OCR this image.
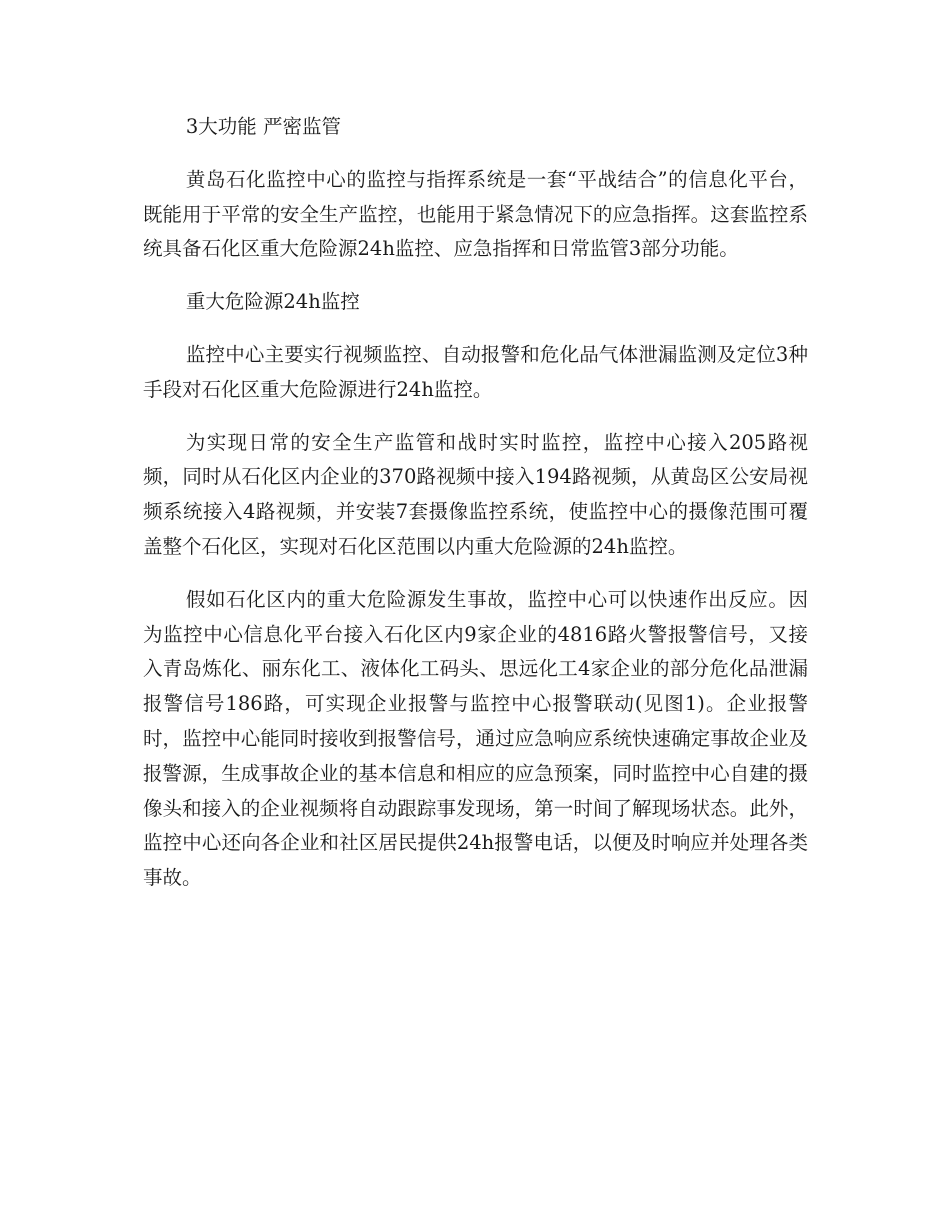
3大功能 严密监管

黄岛石化监控中心的监控与指挥系统是一套“平战结合”的信息化平台，既能用于平常的安全生产监控，也能用于紧急情况下的应急指挥。这套监控系统具备石化区重大危险源24h监控、应急指挥和日常监管3部分功能。

重大危险源24h监控

监控中心主要实行视频监控、自动报警和危化品气体泄漏监测及定位3种手段对石化区重大危险源进行24h监控。

为实现日常的安全生产监管和战时实时监控，监控中心接入205路视频，同时从石化区内企业的370路视频中接入194路视频，从黄岛区公安局视频系统接入4路视频，并安装7套摄像监控系统，使监控中心的摄像范围可覆盖整个石化区，实现对石化区范围以内重大危险源的24h监控。

假如石化区内的重大危险源发生事故，监控中心可以快速作出反应。因为监控中心信息化平台接入石化区内9家企业的4816路火警报警信号，又接入青岛炼化、丽东化工、液体化工码头、思远化工4家企业的部分危化品泄漏报警信号186路，可实现企业报警与监控中心报警联动(见图1)。企业报警时，监控中心能同时接收到报警信号，通过应急响应系统快速确定事故企业及报警源，生成事故企业的基本信息和相应的应急预案，同时监控中心自建的摄像头和接入的企业视频将自动跟踪事发现场，第一时间了解现场状态。此外，监控中心还向各企业和社区居民提供24h报警电话，以便及时响应并处理各类事故。
